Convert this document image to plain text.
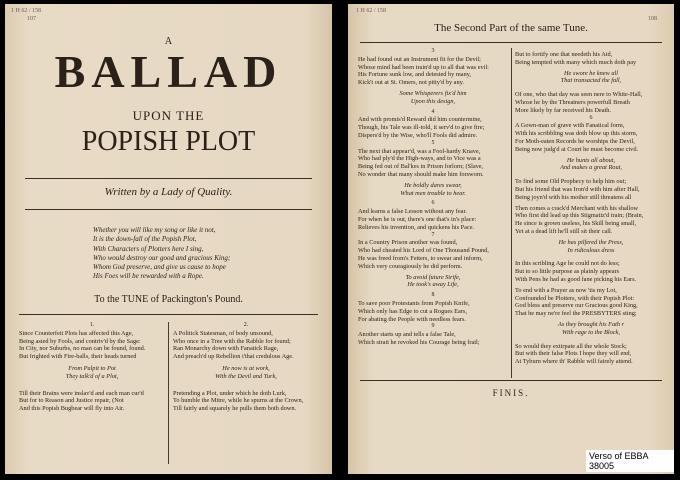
1 H 62 / 158
107
A
BALLAD
UPON THE
POPISH PLOT
Written by a Lady of Quality.
Whether you will like my song or like it not,
It is the down-fall of the Popish Plot,
With Characters of Plotters here I sing,
Who would destroy our good and gracious King;
Whom God preserve, and give us cause to hope
His Foes will be rewarded with a Rope.
To the TUNE of Packington's Pound.
1.

Since Counterfeit Plots has affected this Age,

Being asted by Fools, and contriv'd by the Sage:

In City, nor Suburbs, no man can be found, found.

But frighted with Fire-balls, their heads turned

From Pulpit to Pot

They talk'd of a Plot,

Till their Brains were inslav'd and each man cur'd

But for to Reason and Justice repair, (Not

And this Popish Bugbear will fly into Air.

2.

A Politick Statesman, of body unsound,

Who once in a Tree with the Rabble for found;

Ran Monarchy down with Fanatick Rage,

And preach'd up Rebellion i'that credulous Age.

He now is at work,

With the Devil and Turk,

Pretending a Plot, under which he doth Lurk,

To humble the Mitre, while he spurns at the Crown,

Till fairly and squarely he pulls them both down.

1 H 62 / 158
108
The Second Part of the same Tune.
3

He had found out an Instrument fit for the Devil;

Whose mind had been train'd up to all that was evil:

His Fortune sunk low, and detested by many,

Kick't out at St. Omers, not pitty'd by any.

Some Whisperers fix'd him

Upon this design,

4

And with promis'd Reward did him countermine,

Though, his Tale was ill-told, it serv'd to give fire;

Dispers'd by the Wise, who'll Fools did admire.

5

The next that appear'd, was a Fool-hardy Knave,

Who had ply'd the High-ways, and to Vice was a

Being fed out of Bal'kes in Prison forlorn; (Slave,

No wonder that many should make him forsworn.

He boldly dares swear,

What men trouble to hear.

6

And learns a false Lesson without any fear.

For when he is out, there's one that's in's place:

Relieves his invention, and quickens his Pace.

7

In a Country Prison another was found,

Who had cheated his Lord of One Thousand Pound,

He was freed from's Fetters, to swear and inform,

Which very couragiously he did perform.

To avoid future Strife,

He took's away Life,

8

To save poor Protestants from Popish Knife,

Which only has Edge to cut a Rogues Ears,

For abating the People with needless fears.

9

Another starts up and tells a false Tale,

Which strait he revoked his Courage being frail;

But to fortify one that needeth his Aid,

Being tempted with many which much doth pay

He swore he knew all

That transacted the fall,

Of one, who that day was seen nere to White-Hall,

Whose he by the Threatners powerfull Breath

More likely by far received his Death.

6

A Gown-man of grave with Fanatical form,

With his scribbling was doth blow up this storm,

For Moth-eaten Records he worships the Devil,

Being now judg'd at Court he must become civil.

He hunts all about,

And makes a great Rout,

To find some Old Prophecy to help him out;

But his friend that was Iron'd with him after Hall,

Being joyn'd with his mother still threatens all

Then comes a crack'd Merchant with his shallow

Who first did lead up this Stigmatiz'd train; (Brain,

He since is grown useless, his Skill being small,

Yet at a dead lift he'll still sit their call.

He has pilfered the Press,

In ridiculous dress

In this scribling Age he could not do less;

But to so little purpose as plainly appears

With Pens he had as good fane picking his Ears.

To end with a Prayer as now 'tis my Lot,

Confounded be Plotters, with their Popish Plot:

God bless and preserve our Gracious good King,

That he may ne're feel the PRESBYTERS sting;

As they brought his Fath r

With rage to the Block,

So would they extirpate all the whole Stock;

But with their false Plots I hope they will end,

At Tyburn where th' Rabble will fairely attend.

FINIS.
Verso of EBBA 38005
